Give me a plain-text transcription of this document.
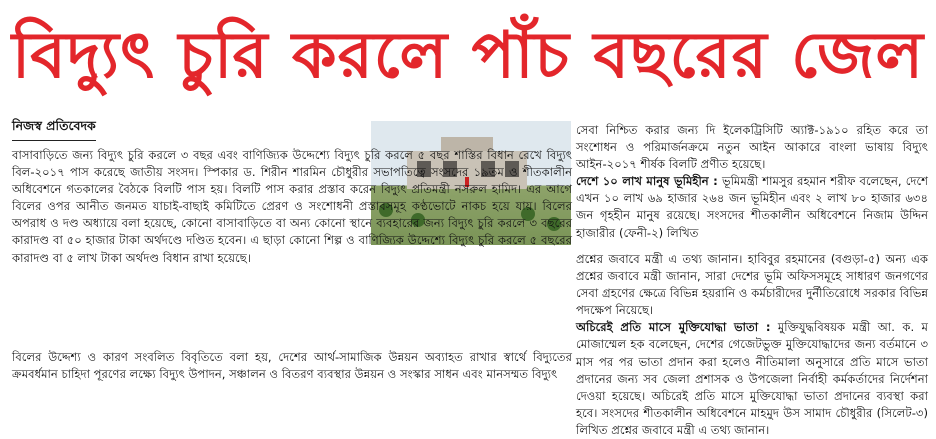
বিদ্যুৎ চুরি করলে পাঁচ বছরের জেল
নিজস্ব প্রতিবেদক

বাসাবাড়িতে জন্য বিদ্যুৎ চুরি করলে ৩ বছর এবং বাণিজ্যিক উদ্দেশ্যে বিদ্যুৎ চুরি করলে ৫ বছর শাস্তির বিধান রেখে বিদ্যুৎ বিল-২০১৭ পাস করেছে জাতীয় সংসদ। স্পিকার ড. শিরীন শারমিন চৌধুরীর সভাপতিত্বে সংসদের ১৯তম ও শীতকালীন অধিবেশনে গতকালের বৈঠকে বিলটি পাস হয়। বিলটি পাস করার প্রস্তাব করেন বিদ্যুৎ প্রতিমন্ত্রী নসরুল হামিদ। এর আগে বিলের ওপর আনীত জনমত যাচাই-বাছাই কমিটিতে প্রেরণ ও সংশোধনী প্রস্তাবসমূহ কণ্ঠভোটে নাকচ হয়ে যায়। বিলের অপরাধ ও দণ্ড অধ্যায়ে বলা হয়েছে, কোনো বাসাবাড়িতে বা অন্য কোনো স্থানে ব্যবহারের জন্য বিদ্যুৎ চুরি করলে ৩ বছরের কারাদণ্ড বা ৫০ হাজার টাকা অর্থদণ্ডে দণ্ডিত হবেন। এ ছাড়া কোনো শিল্প ও বাণিজ্যিক উদ্দেশ্যে বিদ্যুৎ চুরি করলে ৫ বছরের কারাদণ্ড বা ৫ লাখ টাকা অর্থদণ্ড বিধান রাখা হয়েছে।

বিলের উদ্দেশ্য ও কারণ সংবলিত বিবৃতিতে বলা হয়, দেশের আর্থ-সামাজিক উন্নয়ন অব্যাহত রাখার স্বার্থে বিদ্যুতের ক্রমবর্ধমান চাহিদা পূরণের লক্ষ্যে বিদ্যুৎ উপাদন, সঞ্চালন ও বিতরণ ব্যবস্থার উন্নয়ন ও সংস্কার সাধন এবং মানসম্মত বিদ্যুৎ

সেবা নিশ্চিত করার জন্য দি ইলেকট্রিসিটি অ্যাক্ট-১৯১০ রহিত করে তা সংশোধন ও পরিমার্জনক্রমে নতুন আইন আকারে বাংলা ভাষায় বিদ্যুৎ আইন-২০১৭ শীর্ষক বিলটি প্রণীত হয়েছে।

দেশে ১০ লাখ মানুষ ভূমিহীন : ভূমিমন্ত্রী শামসুর রহমান শরীফ বলেছেন, দেশে এখন ১০ লাখ ৬৯ হাজার ২৬৪ জন ভূমিহীন এবং ২ লাখ ৮০ হাজার ৬৩৪ জন গৃহহীন মানুষ রয়েছে। সংসদের শীতকালীন অধিবেশনে নিজাম উদ্দিন হাজারীর (ফেনী-২) লিখিত

প্রশ্নের জবাবে মন্ত্রী এ তথ্য জানান। হাবিবুর রহমানের (বগুড়া-৫) অন্য এক প্রশ্নের জবাবে মন্ত্রী জানান, সারা দেশের ভূমি অফিসসমূহে সাধারণ জনগণের সেবা গ্রহণের ক্ষেত্রে বিভিন্ন হয়রানি ও কর্মচারীদের দুর্নীতিরোধে সরকার বিভিন্ন পদক্ষেপ নিয়েছে।

অচিরেই প্রতি মাসে মুক্তিযোদ্ধা ভাতা : মুক্তিযুদ্ধবিষয়ক মন্ত্রী আ. ক. ম মোজাম্মেল হক বলেছেন, দেশের গেজেটভুক্ত মুক্তিযোদ্ধাদের জন্য বর্তমানে ৩ মাস পর পর ভাতা প্রদান করা হলেও নীতিমালা অনুসারে প্রতি মাসে ভাতা প্রদানের জন্য সব জেলা প্রশাসক ও উপজেলা নির্বাহী কর্মকর্তাদের নির্দেশনা দেওয়া হয়েছে। অচিরেই প্রতি মাসে মুক্তিযোদ্ধা ভাতা প্রদানের ব্যবস্থা করা হবে। সংসদের শীতকালীন অধিবেশনে মাহমুদ উস সামাদ চৌধুরীর (সিলেট-৩) লিখিত প্রশ্নের জবাবে মন্ত্রী এ তথ্য জানান।
